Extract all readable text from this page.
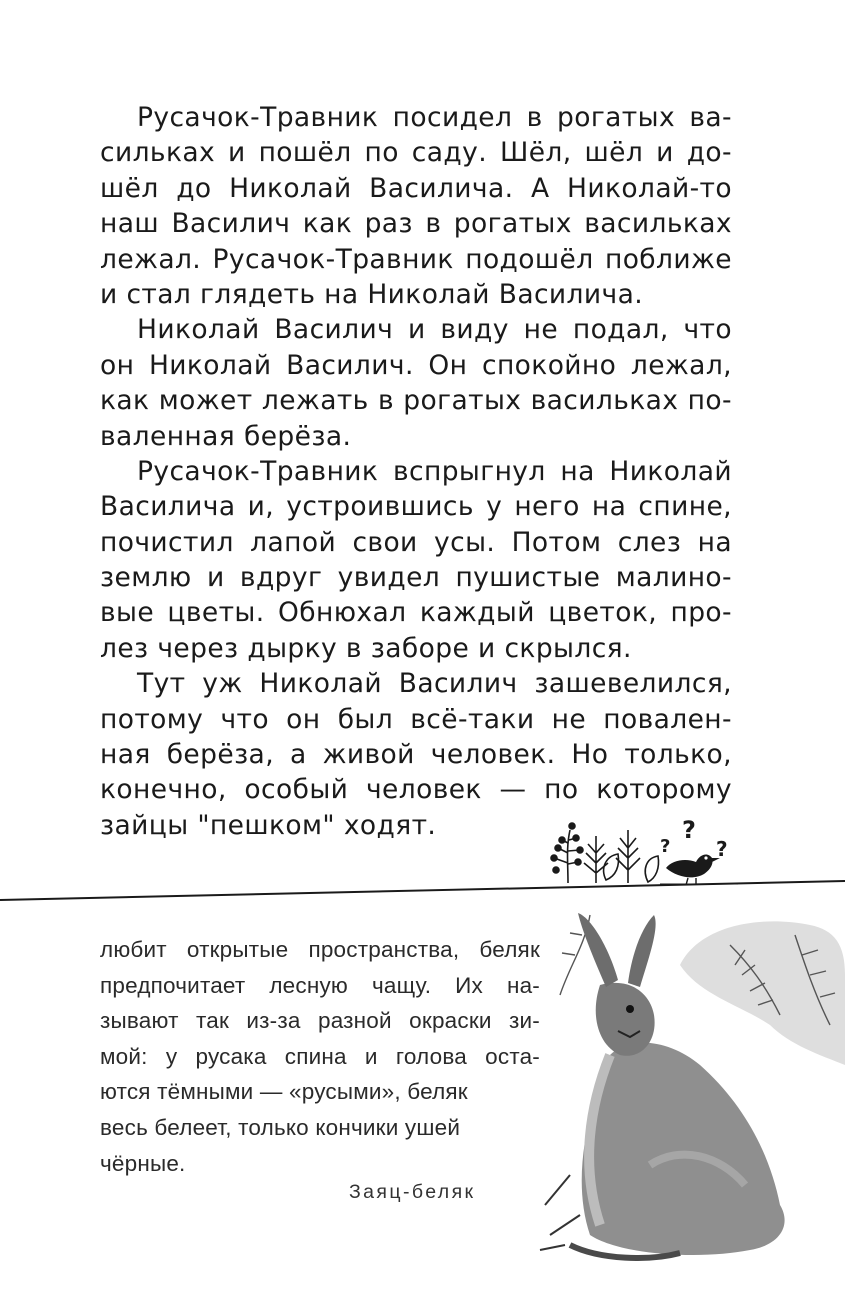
Русачок-Травник посидел в рогатых ва-
сильках и пошёл по саду. Шёл, шёл и до-
шёл до Николай Василича. А Николай-то
наш Василич как раз в рогатых васильках
лежал. Русачок-Травник подошёл поближе
и стал глядеть на Николай Василича.
Николай Василич и виду не подал, что
он Николай Василич. Он спокойно лежал,
как может лежать в рогатых васильках по-
валенная берёза.
Русачок-Травник вспрыгнул на Николай
Василича и, устроившись у него на спине,
почистил лапой свои усы. Потом слез на
землю и вдруг увидел пушистые малино-
вые цветы. Обнюхал каждый цветок, про-
лез через дырку в заборе и скрылся.
Тут уж Николай Василич зашевелился,
потому что он был всё-таки не повален-
ная берёза, а живой человек. Но только,
конечно, особый человек — по которому
зайцы "пешком" ходят.
?
?
?
любит открытые пространства, беляк
предпочитает лесную чащу. Их на-
зывают так из-за разной окраски зи-
мой: у русака спина и голова оста-
ются тёмными — «русыми», беляк
весь белеет, только кончики ушей
чёрные.
Заяц-беляк
